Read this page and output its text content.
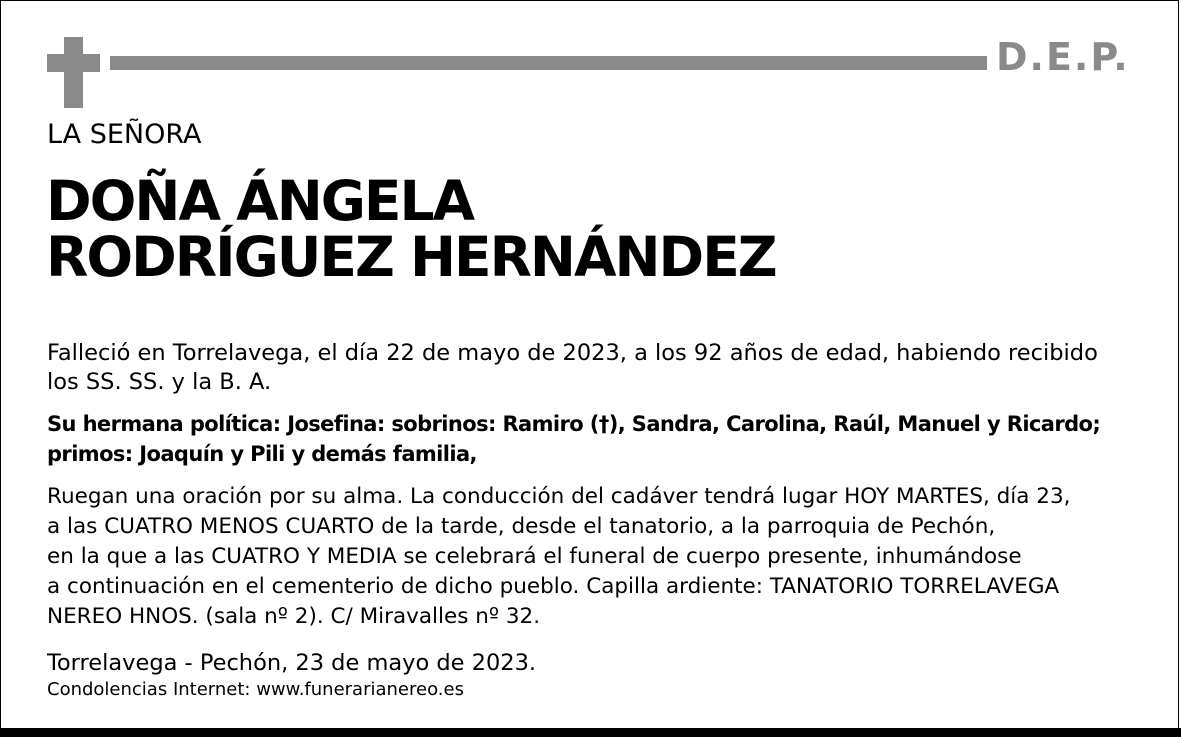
D.E.P.
LA SEÑORA
DOÑA ÁNGELA
RODRÍGUEZ HERNÁNDEZ
Falleció en Torrelavega, el día 22 de mayo de 2023, a los 92 años de edad, habiendo recibido
los SS. SS. y la B. A.
Su hermana política: Josefina: sobrinos: Ramiro (†), Sandra, Carolina, Raúl, Manuel y Ricardo;
primos: Joaquín y Pili y demás familia,
Ruegan una oración por su alma. La conducción del cadáver tendrá lugar HOY MARTES, día 23,
a las CUATRO MENOS CUARTO de la tarde, desde el tanatorio, a la parroquia de Pechón,
en la que a las CUATRO Y MEDIA se celebrará el funeral de cuerpo presente, inhumándose
a continuación en el cementerio de dicho pueblo. Capilla ardiente: TANATORIO TORRELAVEGA
NEREO HNOS. (sala nº 2). C/ Miravalles nº 32.
Torrelavega - Pechón, 23 de mayo de 2023.
Condolencias Internet: www.funerarianereo.es
